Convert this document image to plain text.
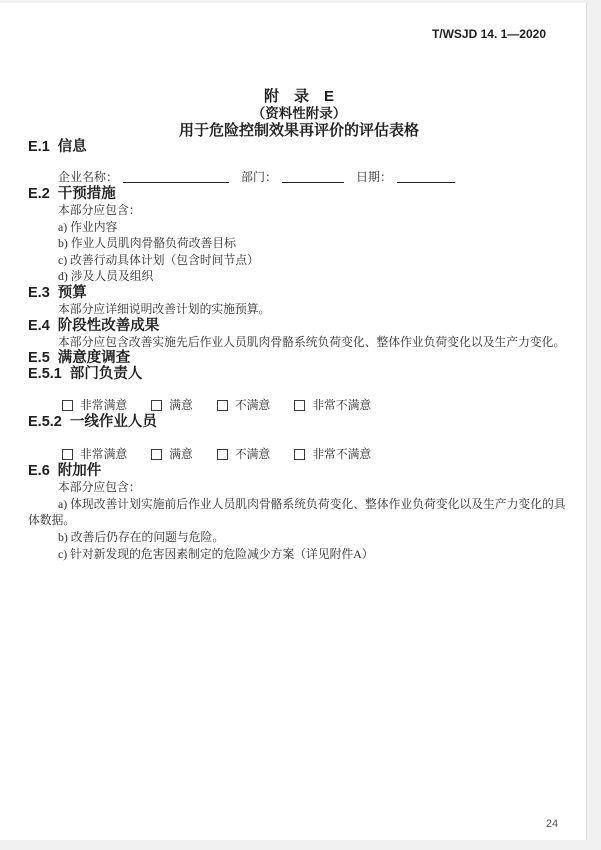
T/WSJD 14. 1—2020
附　录　E
（资料性附录）
用于危险控制效果再评价的评估表格
E.1 信息
企业名称：	部门：	日期：
E.2 干预措施

本部分应包含：

a) 作业内容

b) 作业人员肌肉骨骼负荷改善目标

c) 改善行动具体计划（包含时间节点）

d) 涉及人员及组织

E.3 预算

本部分应详细说明改善计划的实施预算。

E.4 阶段性改善成果

本部分应包含改善实施先后作业人员肌肉骨骼系统负荷变化、整体作业负荷变化以及生产力变化。

E.5 满意度调查
E.5.1 部门负责人
非常满意	满意	不满意	非常不满意
E.5.2 一线作业人员
非常满意	满意	不满意	非常不满意
E.6 附加件

本部分应包含：

a) 体现改善计划实施前后作业人员肌肉骨骼系统负荷变化、整体作业负荷变化以及生产力变化的具体数据。

b) 改善后仍存在的问题与危险。

c) 针对新发现的危害因素制定的危险减少方案（详见附件A）

24
